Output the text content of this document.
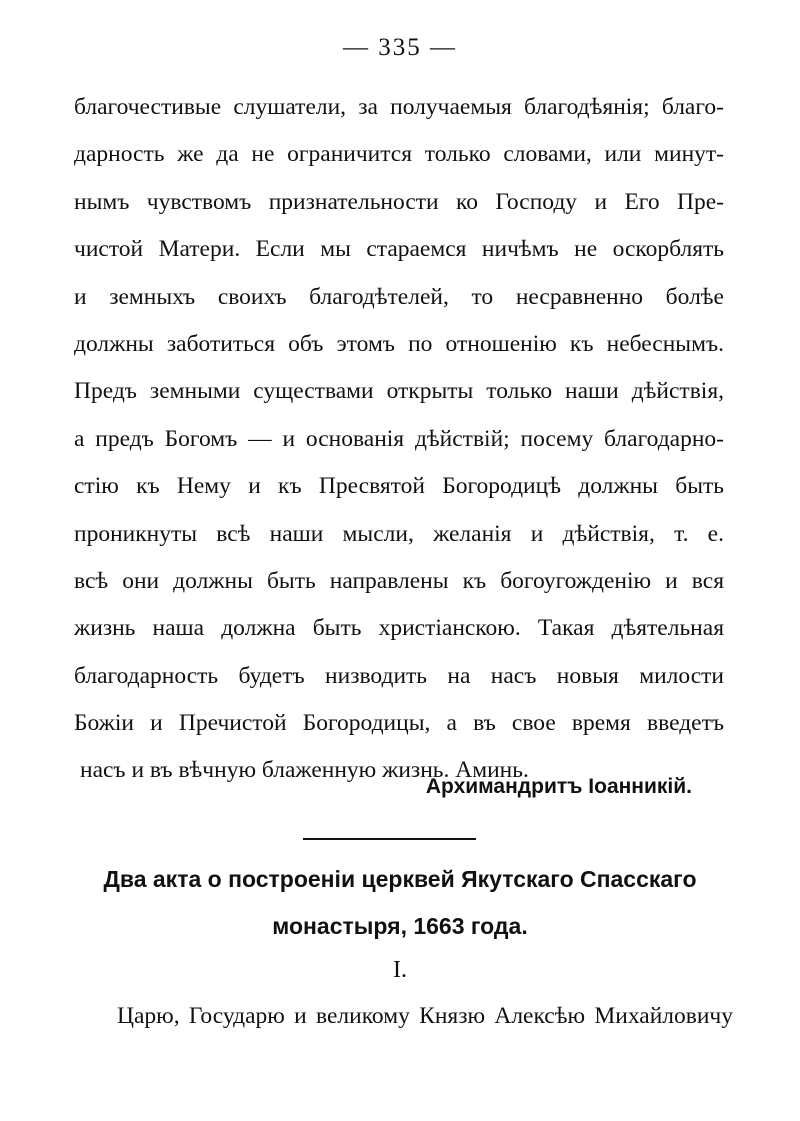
— 335 —
благочестивые слушатели, за получаемыя благодѣянія; благо-
дарность же да не ограничится только словами, или минут-
нымъ чувствомъ признательности ко Господу и Его Пре-
чистой Матери. Если мы стараемся ничѣмъ не оскорблять
и земныхъ своихъ благодѣтелей, то несравненно болѣе
должны заботиться объ этомъ по отношенію къ небеснымъ.
Предъ земными существами открыты только наши дѣйствія,
а предъ Богомъ — и основанія дѣйствій; посему благодарно-
стію къ Нему и къ Пресвятой Богородицѣ должны быть
проникнуты всѣ наши мысли, желанія и дѣйствія, т. е.
всѣ они должны быть направлены къ богоугожденію и вся
жизнь наша должна быть христіанскою. Такая дѣятельная
благодарность будетъ низводить на насъ новыя милости
Божіи и Пречистой Богородицы, а въ свое время введетъ
насъ и въ вѣчную блаженную жизнь. Аминь.
Архимандритъ Іоанникій.
Два акта о построеніи церквей Якутскаго Спасскаго
монастыря, 1663 года.
I.
Царю, Государю и великому Князю Алексѣю Михайловичу
